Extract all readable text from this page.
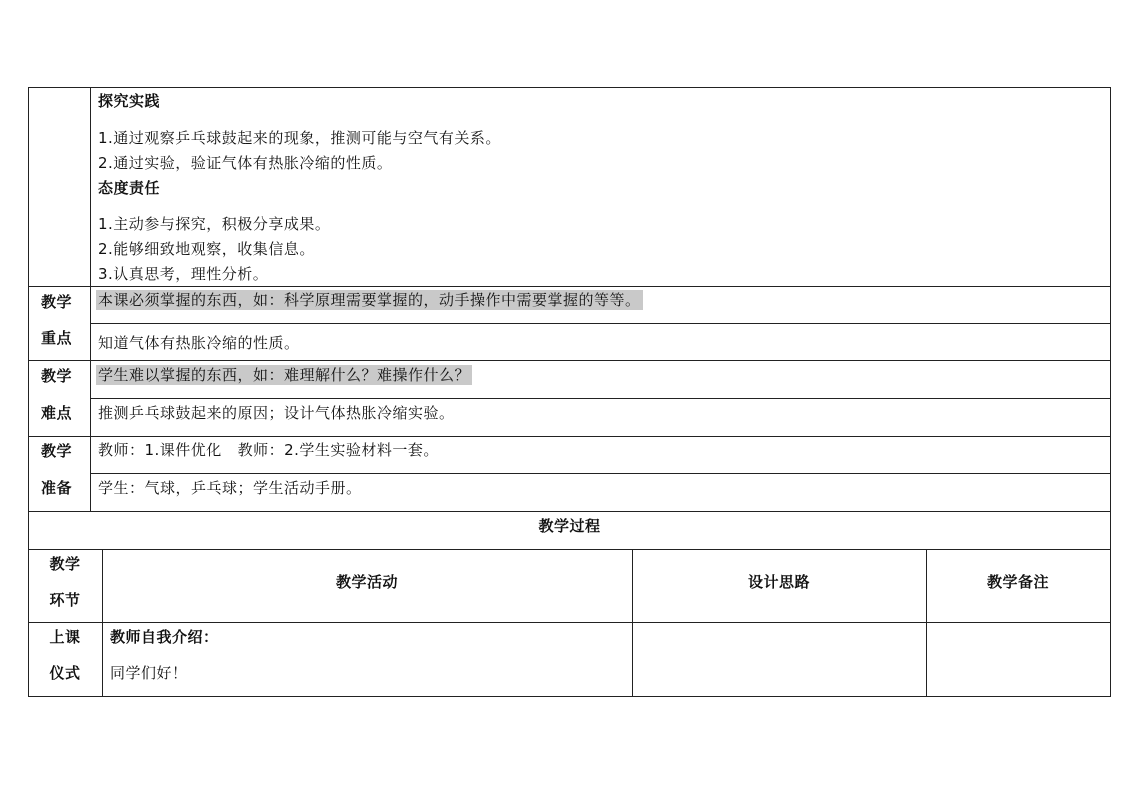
探究实践
1.通过观察乒乓球鼓起来的现象，推测可能与空气有关系。
2.通过实验，验证气体有热胀冷缩的性质。
态度责任
1.主动参与探究，积极分享成果。
2.能够细致地观察，收集信息。
3.认真思考，理性分析。
教学
重点
本课必须掌握的东西，如：科学原理需要掌握的，动手操作中需要掌握的等等。
知道气体有热胀冷缩的性质。
教学
难点
学生难以掌握的东西，如：难理解什么？难操作什么？
推测乒乓球鼓起来的原因；设计气体热胀冷缩实验。
教学
准备
教师：1.课件优化   教师：2.学生实验材料一套。
学生：气球，乒乓球；学生活动手册。
教学过程
教学
环节
教学活动	设计思路	教学备注
上课
仪式
教师自我介绍：
同学们好！
